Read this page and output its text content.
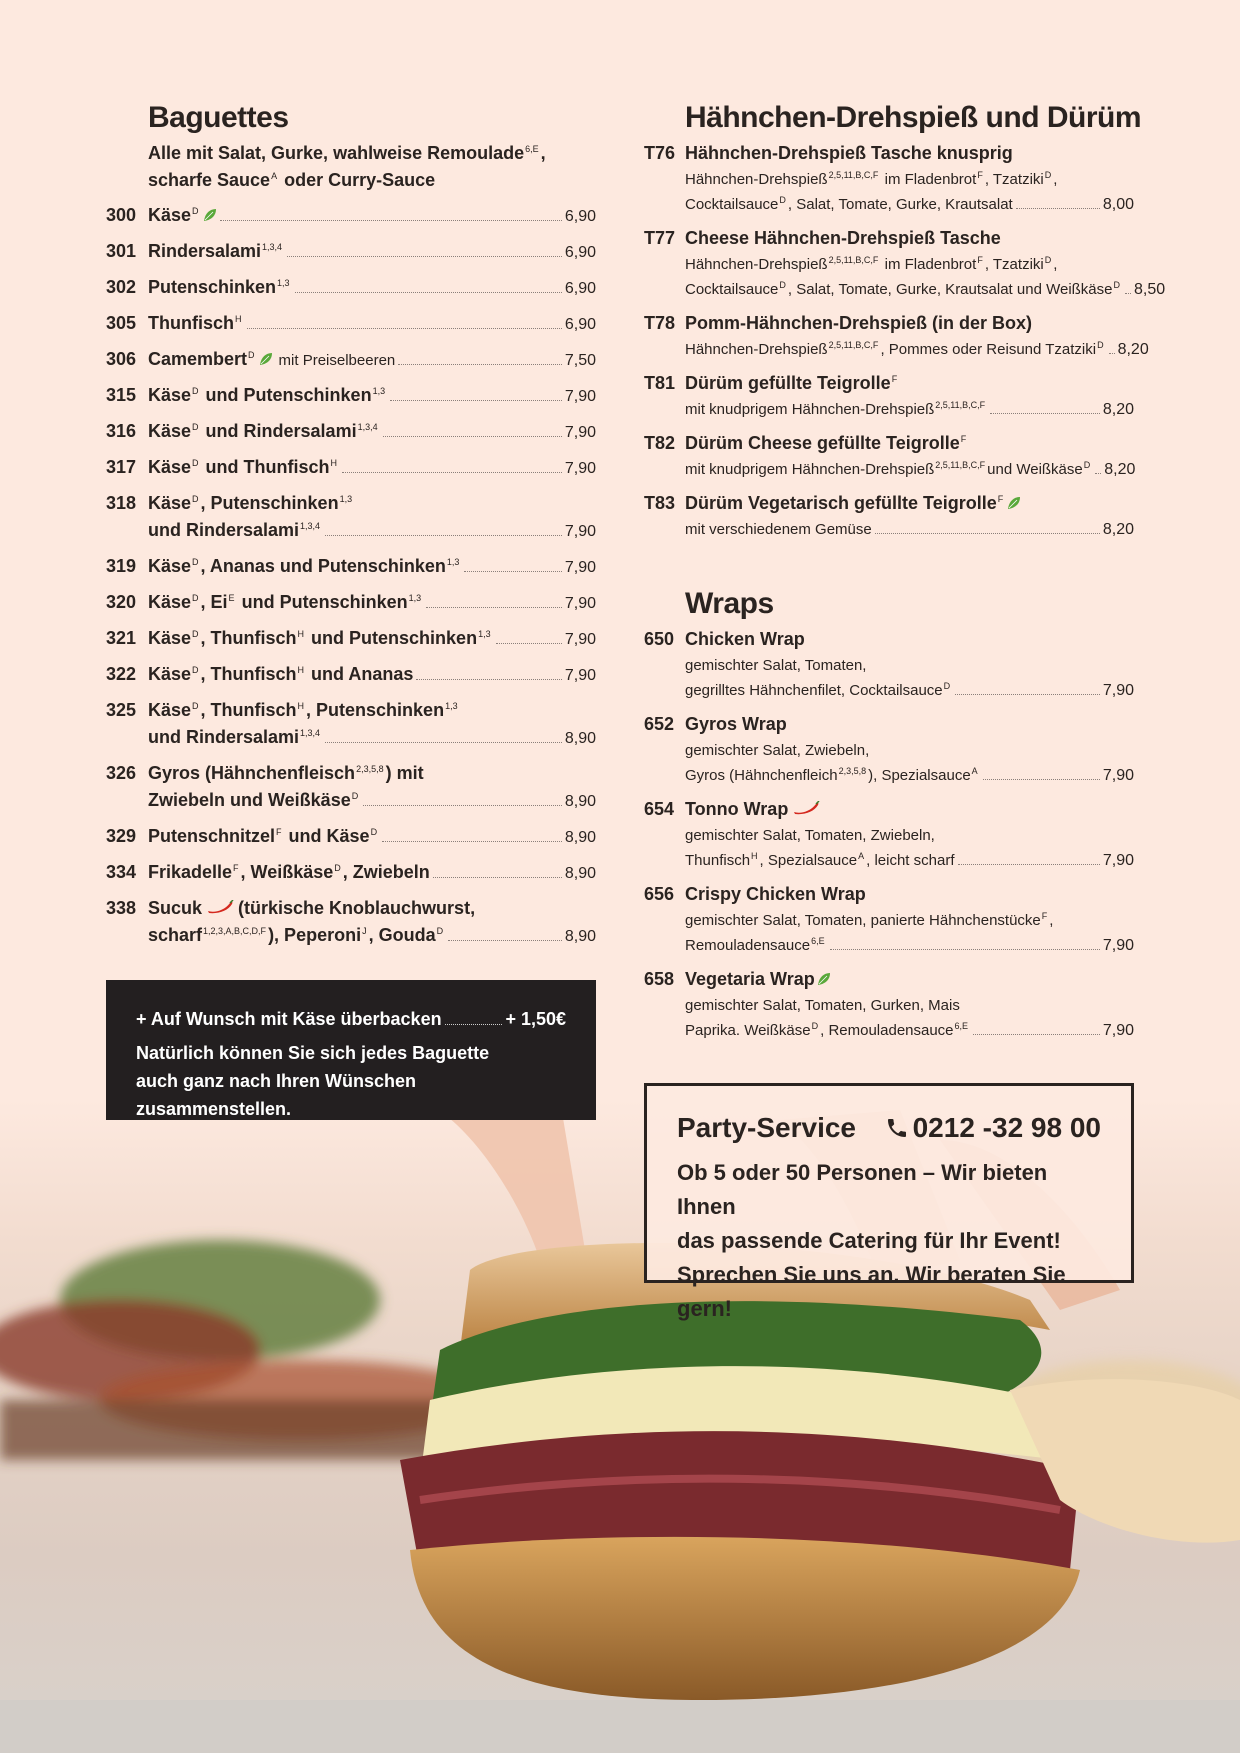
Baguettes
Alle mit Salat, Gurke, wahlweise Remoulade$^{6,E}$ ,
scharfe Sauce$^A$ oder Curry-Sauce
300 Käse$^D$	6,90
301 Rindersalami$^{1,3,4}$	6,90
302 Putenschinken$^{1,3}$	6,90
305 Thunfisch$^H$	6,90
306 Camembert$^D$	mit Preiselbeeren	7,50
315 Käse$^D$ und Putenschinken$^{1,3}$	7,90
316 Käse$^D$ und Rindersalami$^{1,3,4}$	7,90
317 Käse$^D$ und Thunfisch$^H$	7,90
318 Käse$^D$ , Putenschinken$^{1,3}$
und Rindersalami$^{1,3,4}$	7,90
319 Käse$^D$ , Ananas und Putenschinken$^{1,3}$	7,90
320 Käse$^D$ , $Ei^E$ und Putenschinken$^{1,3}$	7,90
321 Käse$^D$ , Thunfisch$^H$ und Putenschinken$^{1,3}$	7,90
322 Käse$^D$ , Thunfisch$^H$ und Ananas	7,90
325 Käse$^D$ , Thunfisch$^H$ , Putenschinken$^{1,3}$
und Rindersalami$^{1,3,4}$	8,90
326 Gyros (Hähnchenfleisch$^{2,3,5,8}$ ) mit
Zwiebeln und Weißkäse$^D$	8,90
329 Putenschnitzel$^F$ und Käse$^D$	8,90
334 Frikadelle$^F$ , Weißkäse$^D$ , Zwiebeln	8,90
338 Sucuk (türkische Knoblauchwurst,
scharf$^{1,2,3,A,B,C,D,F}$ ), Peperoni$^J$ , Gouda$^D$	8,90
+ Auf Wunsch mit Käse überbacken	+ 1,50€
Natürlich können Sie sich jedes Baguette
auch ganz nach Ihren Wünschen zusammenstellen.
Hähnchen-Drehspieß und Dürüm
T76 Hähnchen-Drehspieß Tasche knusprig
Hähnchen-Drehspieß$^{2,5,11,B,C,F}$ im Fladenbrot$^F$ , Tzatziki$^D$ ,
Cocktailsauce$^D$ , Salat, Tomate, Gurke, Krautsalat	8,00
T77 Cheese Hähnchen-Drehspieß Tasche
Hähnchen-Drehspieß$^{2,5,11,B,C,F}$ im Fladenbrot$^F$ , Tzatziki$^D$ ,
Cocktailsauce$^D$ , Salat, Tomate, Gurke, Krautsalat und Weißkäse$^D$ 8,50
T78 Pomm-Hähnchen-Drehspieß (in der Box)
Hähnchen-Drehspieß$^{2,5,11,B,C,F}$ , Pommes oder Reisund Tzatziki$^D$ 8,20
T81 Dürüm gefüllte Teigrolle$^F$
mit knudprigem Hähnchen-Drehspieß$^{2,5,11,B,C,F}$	8,20
T82 Dürüm Cheese gefüllte Teigrolle$^F$
mit knudprigem Hähnchen-Drehspieß$^{2,5,11,B,C,F}$ und Weißkäse$^D$ 8,20
T83 Dürüm Vegetarisch gefüllte Teigrolle$^F$
mit verschiedenem Gemüse	8,20
Wraps
650 Chicken Wrap
gemischter Salat, Tomaten,
gegrilltes Hähnchenfilet, Cocktailsauce$^D$	7,90
652 Gyros Wrap
gemischter Salat, Zwiebeln,
Gyros (Hähnchenfleich$^{2,3,5,8}$ ), Spezialsauce$^A$	7,90
654 Tonno Wrap
gemischter Salat, Tomaten, Zwiebeln,
Thunfisch$^H$ , Spezialsauce$^A$ , leicht scharf	7,90
656 Crispy Chicken Wrap
gemischter Salat, Tomaten, panierte Hähnchenstücke$^F$ ,
Remouladensauce$^{6,E}$	7,90
658 Vegetaria Wrap
gemischter Salat, Tomaten, Gurken, Mais
Paprika. Weißkäse$^D$ , Remouladensauce$^{6,E}$	7,90
Party-Service 0212 -32 98 00
Ob 5 oder 50 Personen – Wir bieten Ihnen
das passende Catering für Ihr Event!
Sprechen Sie uns an. Wir beraten Sie gern!
